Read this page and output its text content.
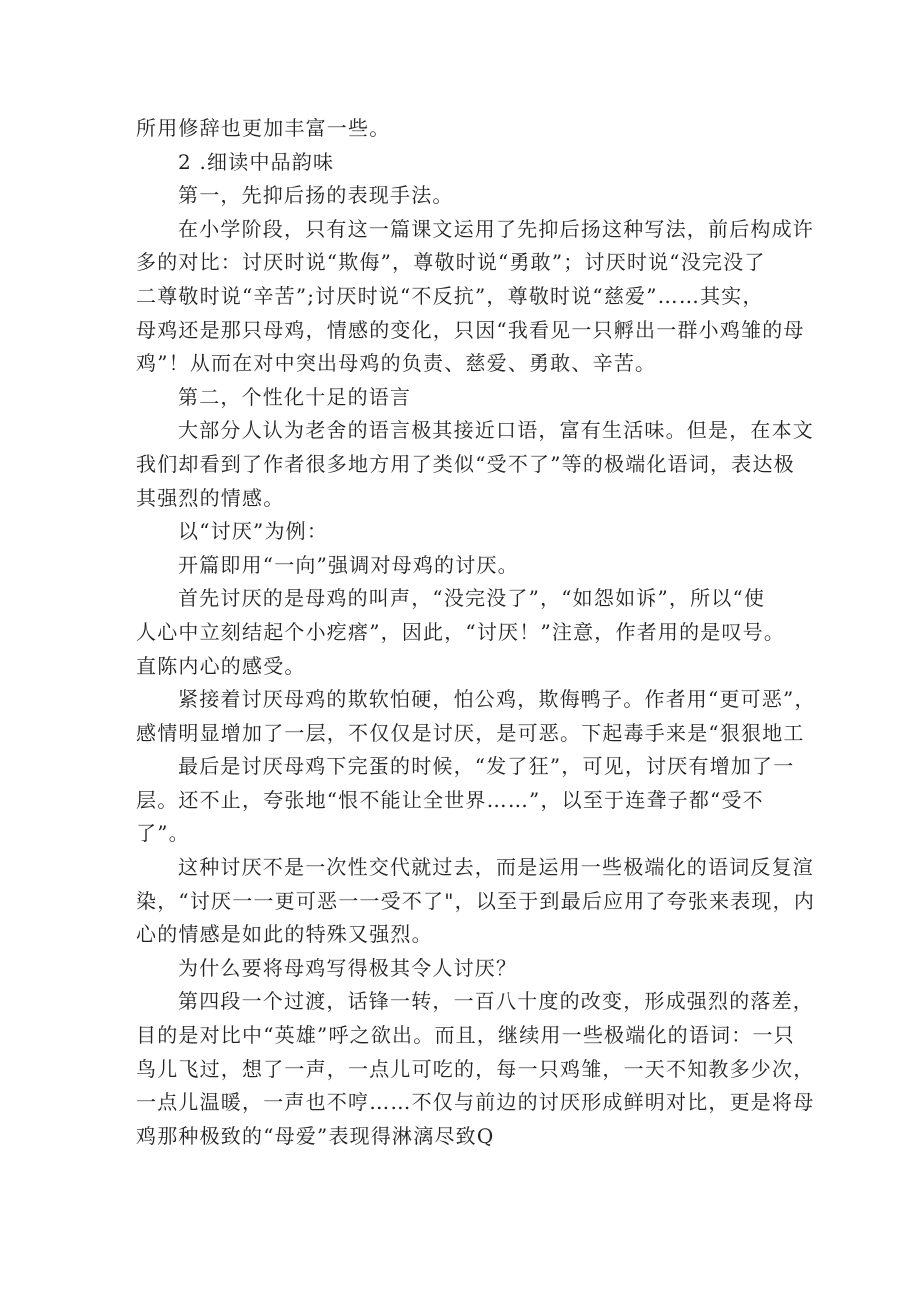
所用修辞也更加丰富一些。

2 .细读中品韵味

第一，先抑后扬的表现手法。

在小学阶段，只有这一篇课文运用了先抑后扬这种写法，前后构成许
多的对比：讨厌时说“欺侮”，尊敬时说“勇敢”；讨厌时说“没完没了
二尊敬时说“辛苦”;讨厌时说“不反抗”，尊敬时说“慈爱”……其实，
母鸡还是那只母鸡，情感的变化，只因“我看见一只孵出一群小鸡雏的母
鸡”！从而在对中突出母鸡的负责、慈爱、勇敢、辛苦。

第二，个性化十足的语言

大部分人认为老舍的语言极其接近口语，富有生活味。但是，在本文
我们却看到了作者很多地方用了类似“受不了”等的极端化语词，表达极
其强烈的情感。

以“讨厌”为例：

开篇即用“一向”强调对母鸡的讨厌。

首先讨厌的是母鸡的叫声，“没完没了”，“如怨如诉”，所以“使
人心中立刻结起个小疙瘩”，因此，“讨厌！”注意，作者用的是叹号。
直陈内心的感受。

紧接着讨厌母鸡的欺软怕硬，怕公鸡，欺侮鸭子。作者用“更可恶”，
感情明显增加了一层，不仅仅是讨厌，是可恶。下起毒手来是“狠狠地工

最后是讨厌母鸡下完蛋的时候，“发了狂”，可见，讨厌有增加了一
层。还不止，夸张地“恨不能让全世界……”，以至于连聋子都“受不
了”。

这种讨厌不是一次性交代就过去，而是运用一些极端化的语词反复渲
染，“讨厌一一更可恶一一受不了"，以至于到最后应用了夸张来表现，内
心的情感是如此的特殊又强烈。

为什么要将母鸡写得极其令人讨厌？

第四段一个过渡，话锋一转，一百八十度的改变，形成强烈的落差，
目的是对比中“英雄”呼之欲出。而且，继续用一些极端化的语词：一只
鸟儿飞过，想了一声，一点儿可吃的，每一只鸡雏，一天不知教多少次，
一点儿温暖，一声也不哼……不仅与前边的讨厌形成鲜明对比，更是将母
鸡那种极致的“母爱”表现得淋漓尽致Q
